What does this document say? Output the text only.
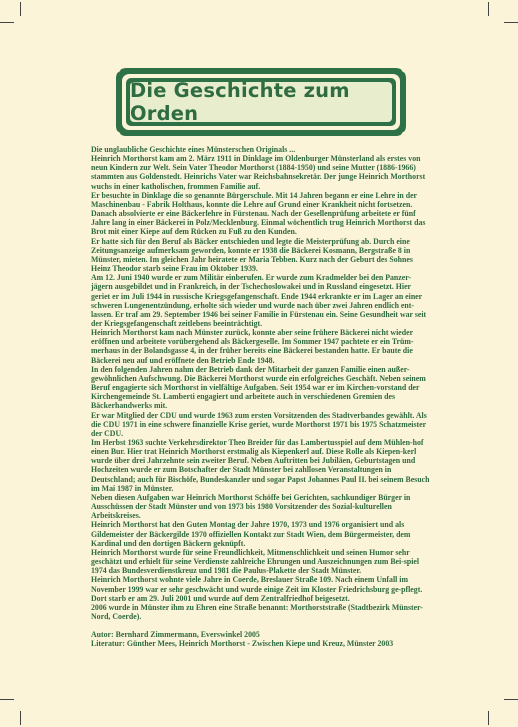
Die Geschichte zum Orden

Die unglaubliche Geschichte eines Münsterschen Originals ...

Heinrich Morthorst kam am 2. März 1911 in Dinklage im Oldenburger Münsterland als erstes von neun Kindern zur Welt. Sein Vater Theodor Morthorst (1884-1950) und seine Mutter (1886-1966) stammten aus Goldenstedt. Heinrichs Vater war Reichsbahnsekretär. Der junge Heinrich Morthorst wuchs in einer katholischen, frommen Familie auf.

Er besuchte in Dinklage die so genannte Bürgerschule. Mit 14 Jahren begann er eine Lehre in der Maschinenbau - Fabrik Holthaus, konnte die Lehre auf Grund einer Krankheit nicht fortsetzen. Danach absolvierte er eine Bäckerlehre in Fürstenau. Nach der Gesellenprüfung arbeitete er fünf Jahre lang in einer Bäckerei in Polz/Mecklenburg. Einmal wöchentlich trug Heinrich Morthorst das Brot mit einer Kiepe auf dem Rücken zu Fuß zu den Kunden.

Er hatte sich für den Beruf als Bäcker entschieden und legte die Meisterprüfung ab. Durch eine Zeitungsanzeige aufmerksam geworden, konnte er 1938 die Bäckerei Kosmann, Bergstraße 8 in Münster, mieten. Im gleichen Jahr heiratete er Maria Tebben. Kurz nach der Geburt des Sohnes Heinz Theodor starb seine Frau im Oktober 1939.

Am 12. Juni 1940 wurde er zum Militär einberufen. Er wurde zum Kradmelder bei den Panzer-jägern ausgebildet und in Frankreich, in der Tschechoslowakei und in Russland eingesetzt. Hier geriet er im Juli 1944 in russische Kriegsgefangenschaft. Ende 1944 erkrankte er im Lager an einer schweren Lungenentzündung, erholte sich wieder und wurde nach über zwei Jahren endlich ent-lassen. Er traf am 29. September 1946 bei seiner Familie in Fürstenau ein. Seine Gesundheit war seit der Kriegsgefangenschaft zeitlebens beeinträchtigt.

Heinrich Morthorst kam nach Münster zurück, konnte aber seine frühere Bäckerei nicht wieder eröffnen und arbeitete vorübergehend als Bäckergeselle. Im Sommer 1947 pachtete er ein Trüm-merhaus in der Bolandsgasse 4, in der früher bereits eine Bäckerei bestanden hatte. Er baute die Bäckerei neu auf und eröffnete den Betrieb Ende 1948.

In den folgenden Jahren nahm der Betrieb dank der Mitarbeit der ganzen Familie einen außer-gewöhnlichen Aufschwung. Die Bäckerei Morthorst wurde ein erfolgreiches Geschäft. Neben seinem Beruf engagierte sich Morthorst in vielfältige Aufgaben. Seit 1954 war er im Kirchen-vorstand der Kirchengemeinde St. Lamberti engagiert und arbeitete auch in verschiedenen Gremien des Bäckerhandwerks mit.

Er war Mitglied der CDU und wurde 1963 zum ersten Vorsitzenden des Stadtverbandes gewählt. Als die CDU 1971 in eine schwere finanzielle Krise geriet, wurde Morthorst 1971 bis 1975 Schatzmeister der CDU.

Im Herbst 1963 suchte Verkehrsdirektor Theo Breider für das Lambertusspiel auf dem Mühlen-hof einen Bur. Hier trat Heinrich Morthorst erstmalig als Kiepenkerl auf. Diese Rolle als Kiepen-kerl wurde über drei Jahrzehnte sein zweiter Beruf. Neben Auftritten bei Jubiläen, Geburtstagen und Hochzeiten wurde er zum Botschafter der Stadt Münster bei zahllosen Veranstaltungen in Deutschland; auch für Bischöfe, Bundeskanzler und sogar Papst Johannes Paul II. bei seinem Besuch im Mai 1987 in Münster.

Neben diesen Aufgaben war Heinrich Morthorst Schöffe bei Gerichten, sachkundiger Bürger in Ausschüssen der Stadt Münster und von 1973 bis 1980 Vorsitzender des Sozial-kulturellen Arbeitskreises.

Heinrich Morthorst hat den Guten Montag der Jahre 1970, 1973 und 1976 organisiert und als Gildemeister der Bäckergilde 1970 offiziellen Kontakt zur Stadt Wien, dem Bürgermeister, dem Kardinal und den dortigen Bäckern geknüpft.

Heinrich Morthorst wurde für seine Freundlichkeit, Mitmenschlichkeit und seinen Humor sehr geschätzt und erhielt für seine Verdienste zahlreiche Ehrungen und Auszeichnungen zum Bei-spiel 1974 das Bundesverdienstkreuz und 1981 die Paulus-Plakette der Stadt Münster.

Heinrich Morthorst wohnte viele Jahre in Coerde, Breslauer Straße 109. Nach einem Unfall im November 1999 war er sehr geschwächt und wurde einige Zeit im Kloster Friedrichsburg ge-pflegt. Dort starb er am 29. Juli 2001 und wurde auf dem Zentralfriedhof beigesetzt.

2006 wurde in Münster ihm zu Ehren eine Straße benannt: Morthorststraße (Stadtbezirk Münster- Nord, Coerde).

Autor: Bernhard Zimmermann, Everswinkel 2005

Literatur: Günther Mees, Heinrich Morthorst - Zwischen Kiepe und Kreuz, Münster 2003
